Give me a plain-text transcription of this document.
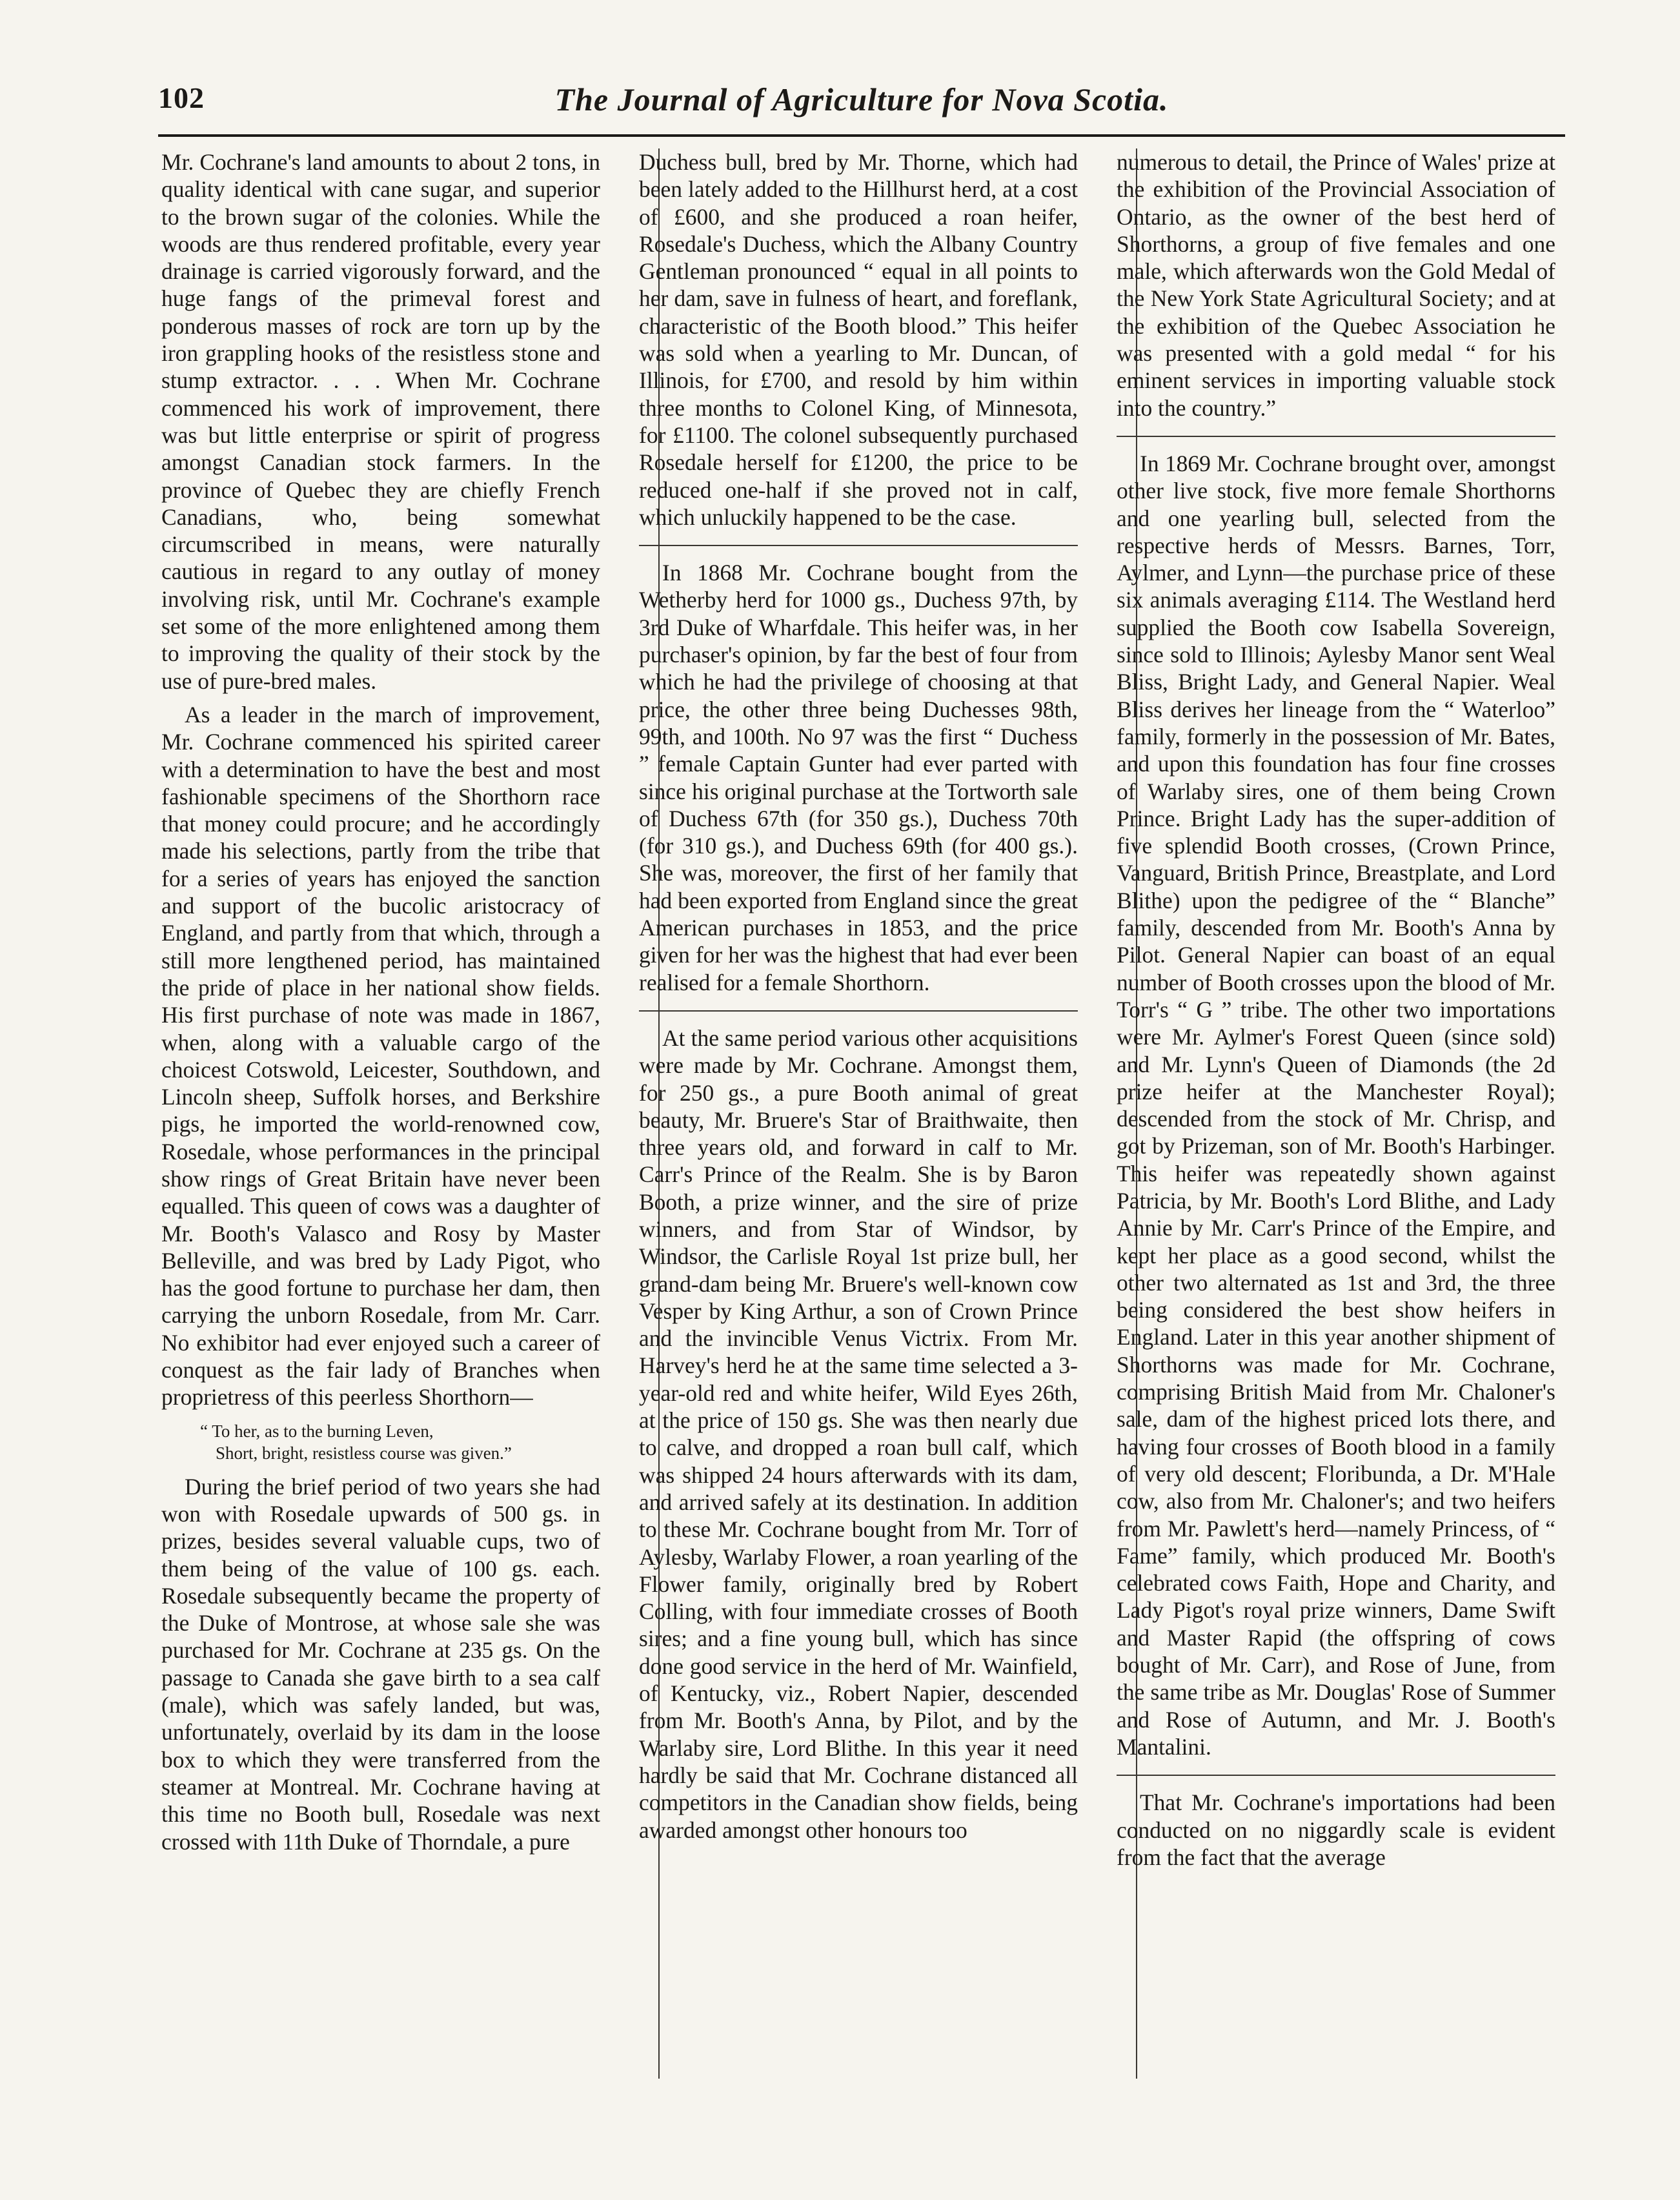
102	The Journal of Agriculture for Nova Scotia.

Mr. Cochrane's land amounts to about 2 tons, in quality identical with cane sugar, and superior to the brown sugar of the colonies. While the woods are thus rendered profitable, every year drainage is carried vigorously forward, and the huge fangs of the primeval forest and ponderous masses of rock are torn up by the iron grappling hooks of the resistless stone and stump extractor. . . . When Mr. Cochrane commenced his work of improvement, there was but little enterprise or spirit of progress amongst Canadian stock farmers. In the province of Quebec they are chiefly French Canadians, who, being somewhat circumscribed in means, were naturally cautious in regard to any outlay of money involving risk, until Mr. Cochrane's example set some of the more enlightened among them to improving the quality of their stock by the use of pure-bred males.

As a leader in the march of improvement, Mr. Cochrane commenced his spirited career with a determination to have the best and most fashionable specimens of the Shorthorn race that money could procure; and he accordingly made his selections, partly from the tribe that for a series of years has enjoyed the sanction and support of the bucolic aristocracy of England, and partly from that which, through a still more lengthened period, has maintained the pride of place in her national show fields. His first purchase of note was made in 1867, when, along with a valuable cargo of the choicest Cotswold, Leicester, Southdown, and Lincoln sheep, Suffolk horses, and Berkshire pigs, he imported the world-renowned cow, Rosedale, whose performances in the principal show rings of Great Britain have never been equalled. This queen of cows was a daughter of Mr. Booth's Valasco and Rosy by Master Belleville, and was bred by Lady Pigot, who has the good fortune to purchase her dam, then carrying the unborn Rosedale, from Mr. Carr. No exhibitor had ever enjoyed such a career of conquest as the fair lady of Branches when proprietress of this peerless Shorthorn—

“ To her, as to the burning Leven,
Short, bright, resistless course was given.”

During the brief period of two years she had won with Rosedale upwards of 500 gs. in prizes, besides several valuable cups, two of them being of the value of 100 gs. each. Rosedale subsequently became the property of the Duke of Montrose, at whose sale she was purchased for Mr. Cochrane at 235 gs. On the passage to Canada she gave birth to a sea calf (male), which was safely landed, but was, unfortunately, overlaid by its dam in the loose box to which they were transferred from the steamer at Montreal. Mr. Cochrane having at this time no Booth bull, Rosedale was next crossed with 11th Duke of Thorndale, a pure

Duchess bull, bred by Mr. Thorne, which had been lately added to the Hillhurst herd, at a cost of £600, and she produced a roan heifer, Rosedale's Duchess, which the Albany Country Gentleman pronounced “ equal in all points to her dam, save in fulness of heart, and foreflank, characteristic of the Booth blood.” This heifer was sold when a yearling to Mr. Duncan, of Illinois, for £700, and resold by him within three months to Colonel King, of Minnesota, for £1100. The colonel subsequently purchased Rosedale herself for £1200, the price to be reduced one-half if she proved not in calf, which unluckily happened to be the case.

In 1868 Mr. Cochrane bought from the Wetherby herd for 1000 gs., Duchess 97th, by 3rd Duke of Wharfdale. This heifer was, in her purchaser's opinion, by far the best of four from which he had the privilege of choosing at that price, the other three being Duchesses 98th, 99th, and 100th. No 97 was the first “ Duchess ” female Captain Gunter had ever parted with since his original purchase at the Tortworth sale of Duchess 67th (for 350 gs.), Duchess 70th (for 310 gs.), and Duchess 69th (for 400 gs.). She was, moreover, the first of her family that had been exported from England since the great American purchases in 1853, and the price given for her was the highest that had ever been realised for a female Shorthorn.

At the same period various other acquisitions were made by Mr. Cochrane. Amongst them, for 250 gs., a pure Booth animal of great beauty, Mr. Bruere's Star of Braithwaite, then three years old, and forward in calf to Mr. Carr's Prince of the Realm. She is by Baron Booth, a prize winner, and the sire of prize winners, and from Star of Windsor, by Windsor, the Carlisle Royal 1st prize bull, her grand-dam being Mr. Bruere's well-known cow Vesper by King Arthur, a son of Crown Prince and the invincible Venus Victrix. From Mr. Harvey's herd he at the same time selected a 3-year-old red and white heifer, Wild Eyes 26th, at the price of 150 gs. She was then nearly due to calve, and dropped a roan bull calf, which was shipped 24 hours afterwards with its dam, and arrived safely at its destination. In addition to these Mr. Cochrane bought from Mr. Torr of Aylesby, Warlaby Flower, a roan yearling of the Flower family, originally bred by Robert Colling, with four immediate crosses of Booth sires; and a fine young bull, which has since done good service in the herd of Mr. Wainfield, of Kentucky, viz., Robert Napier, descended from Mr. Booth's Anna, by Pilot, and by the Warlaby sire, Lord Blithe. In this year it need hardly be said that Mr. Cochrane distanced all competitors in the Canadian show fields, being awarded amongst other honours too

numerous to detail, the Prince of Wales' prize at the exhibition of the Provincial Association of Ontario, as the owner of the best herd of Shorthorns, a group of five females and one male, which afterwards won the Gold Medal of the New York State Agricultural Society; and at the exhibition of the Quebec Association he was presented with a gold medal “ for his eminent services in importing valuable stock into the country.”

In 1869 Mr. Cochrane brought over, amongst other live stock, five more female Shorthorns and one yearling bull, selected from the respective herds of Messrs. Barnes, Torr, Aylmer, and Lynn—the purchase price of these six animals averaging £114. The Westland herd supplied the Booth cow Isabella Sovereign, since sold to Illinois; Aylesby Manor sent Weal Bliss, Bright Lady, and General Napier. Weal Bliss derives her lineage from the “ Waterloo” family, formerly in the possession of Mr. Bates, and upon this foundation has four fine crosses of Warlaby sires, one of them being Crown Prince. Bright Lady has the super-addition of five splendid Booth crosses, (Crown Prince, Vanguard, British Prince, Breastplate, and Lord Blithe) upon the pedigree of the “ Blanche” family, descended from Mr. Booth's Anna by Pilot. General Napier can boast of an equal number of Booth crosses upon the blood of Mr. Torr's “ G ” tribe. The other two importations were Mr. Aylmer's Forest Queen (since sold) and Mr. Lynn's Queen of Diamonds (the 2d prize heifer at the Manchester Royal); descended from the stock of Mr. Chrisp, and got by Prizeman, son of Mr. Booth's Harbinger. This heifer was repeatedly shown against Patricia, by Mr. Booth's Lord Blithe, and Lady Annie by Mr. Carr's Prince of the Empire, and kept her place as a good second, whilst the other two alternated as 1st and 3rd, the three being considered the best show heifers in England. Later in this year another shipment of Shorthorns was made for Mr. Cochrane, comprising British Maid from Mr. Chaloner's sale, dam of the highest priced lots there, and having four crosses of Booth blood in a family of very old descent; Floribunda, a Dr. M'Hale cow, also from Mr. Chaloner's; and two heifers from Mr. Pawlett's herd—namely Princess, of “ Fame” family, which produced Mr. Booth's celebrated cows Faith, Hope and Charity, and Lady Pigot's royal prize winners, Dame Swift and Master Rapid (the offspring of cows bought of Mr. Carr), and Rose of June, from the same tribe as Mr. Douglas' Rose of Summer and Rose of Autumn, and Mr. J. Booth's Mantalini.

That Mr. Cochrane's importations had been conducted on no niggardly scale is evident from the fact that the average
